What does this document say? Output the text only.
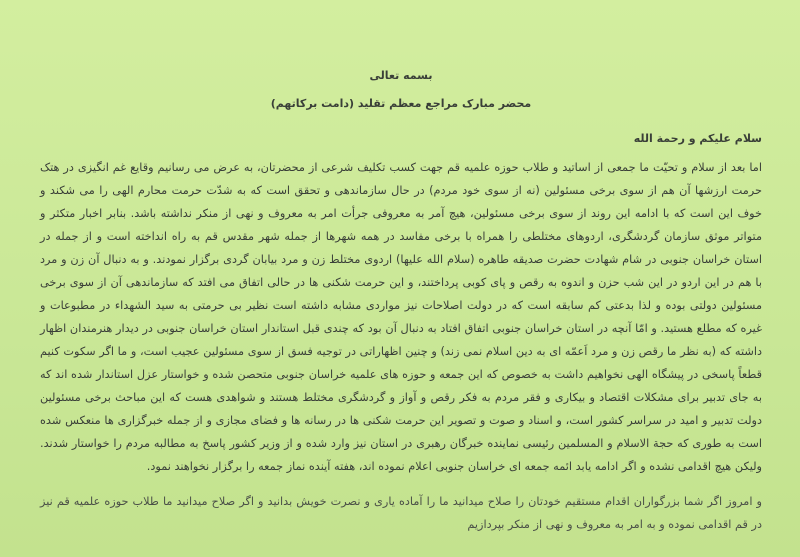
بسمه تعالی
محضر مبارک مراجع معظم تقلید (دامت برکاتهم)
سلام علیکم و رحمة الله
اما بعد از سلام و تحیّت ما جمعی از اساتید و طلاب حوزه علمیه قم جهت کسب تکلیف شرعی از محضرتان، به عرض می رسانیم وقایع غم انگیزی در هتک حرمت ارزشها آن هم از سوی برخی مسئولین (نه از سوی خود مردم) در حال سازماندهی و تحقق است که به شدّت حرمت محارم الهی را می شکند و خوف این است که با ادامه این روند از سوی برخی مسئولین، هیچ آمر به معروفی جرأت امر به معروف و نهی از منکر نداشته باشد. بنابر اخبار متکثر و متواتر موثق سازمان گردشگری، اردوهای مختلطی را همراه با برخی مفاسد در همه شهرها از جمله شهر مقدس قم به راه انداخته است و از جمله در استان خراسان جنوبی در شام شهادت حضرت صدیقه طاهره (سلام الله علیها) اردوی مختلط زن و مرد بیابان گردی برگزار نمودند. و به دنبال آن زن و مرد با هم در این اردو در این شب حزن و اندوه به رقص و پای کوبی پرداختند، و این حرمت شکنی ها در حالی اتفاق می افتد که سازماندهی آن از سوی برخی مسئولین دولتی بوده و لذا بدعتی کم سابقه است که در دولت اصلاحات نیز مواردی مشابه داشته است نظیر بی حرمتی به سید الشهداء در مطبوعات و غیره که مطلع هستید. و امّا آنچه در استان خراسان جنوبی اتفاق افتاد به دنبال آن بود که چندی قبل استاندار استان خراسان جنوبی در دیدار هنرمندان اظهار داشته که (به نظر ما رقص زن و مرد اَعمّه ای به دین اسلام نمی زند) و چنین اظهاراتی در توجیه فسق از سوی مسئولین عجیب است، و ما اگر سکوت کنیم قطعاً پاسخی در پیشگاه الهی نخواهیم داشت به خصوص که این جمعه و حوزه های علمیه خراسان جنوبی متحصن شده و خواستار عزل استاندار شده اند که به جای تدبیر برای مشکلات اقتصاد و بیکاری و فقر مردم به فکر رقص و آواز و گردشگری مختلط هستند و شواهدی هست که این مباحث برخی مسئولین دولت تدبیر و امید در سراسر کشور است، و اسناد و صوت و تصویر این حرمت شکنی ها در رسانه ها و فضای مجازی و از جمله خبرگزاری ها منعکس شده است به طوری که حجة الاسلام و المسلمین رئیسی نماینده خبرگان رهبری در استان نیز وارد شده و از وزیر کشور پاسخ به مطالبه مردم را خواستار شدند. ولیکن هیچ اقدامی نشده و اگر ادامه یابد ائمه جمعه ای خراسان جنوبی اعلام نموده اند، هفته آینده نماز جمعه را برگزار نخواهند نمود.
و امروز اگر شما بزرگواران اقدام مستقیم خودتان را صلاح میدانید ما را آماده یاری و نصرت خویش بدانید و اگر صلاح میدانید ما طلاب حوزه علمیه قم نیز در قم اقدامی نموده و به امر به معروف و نهی از منکر بپردازیم
